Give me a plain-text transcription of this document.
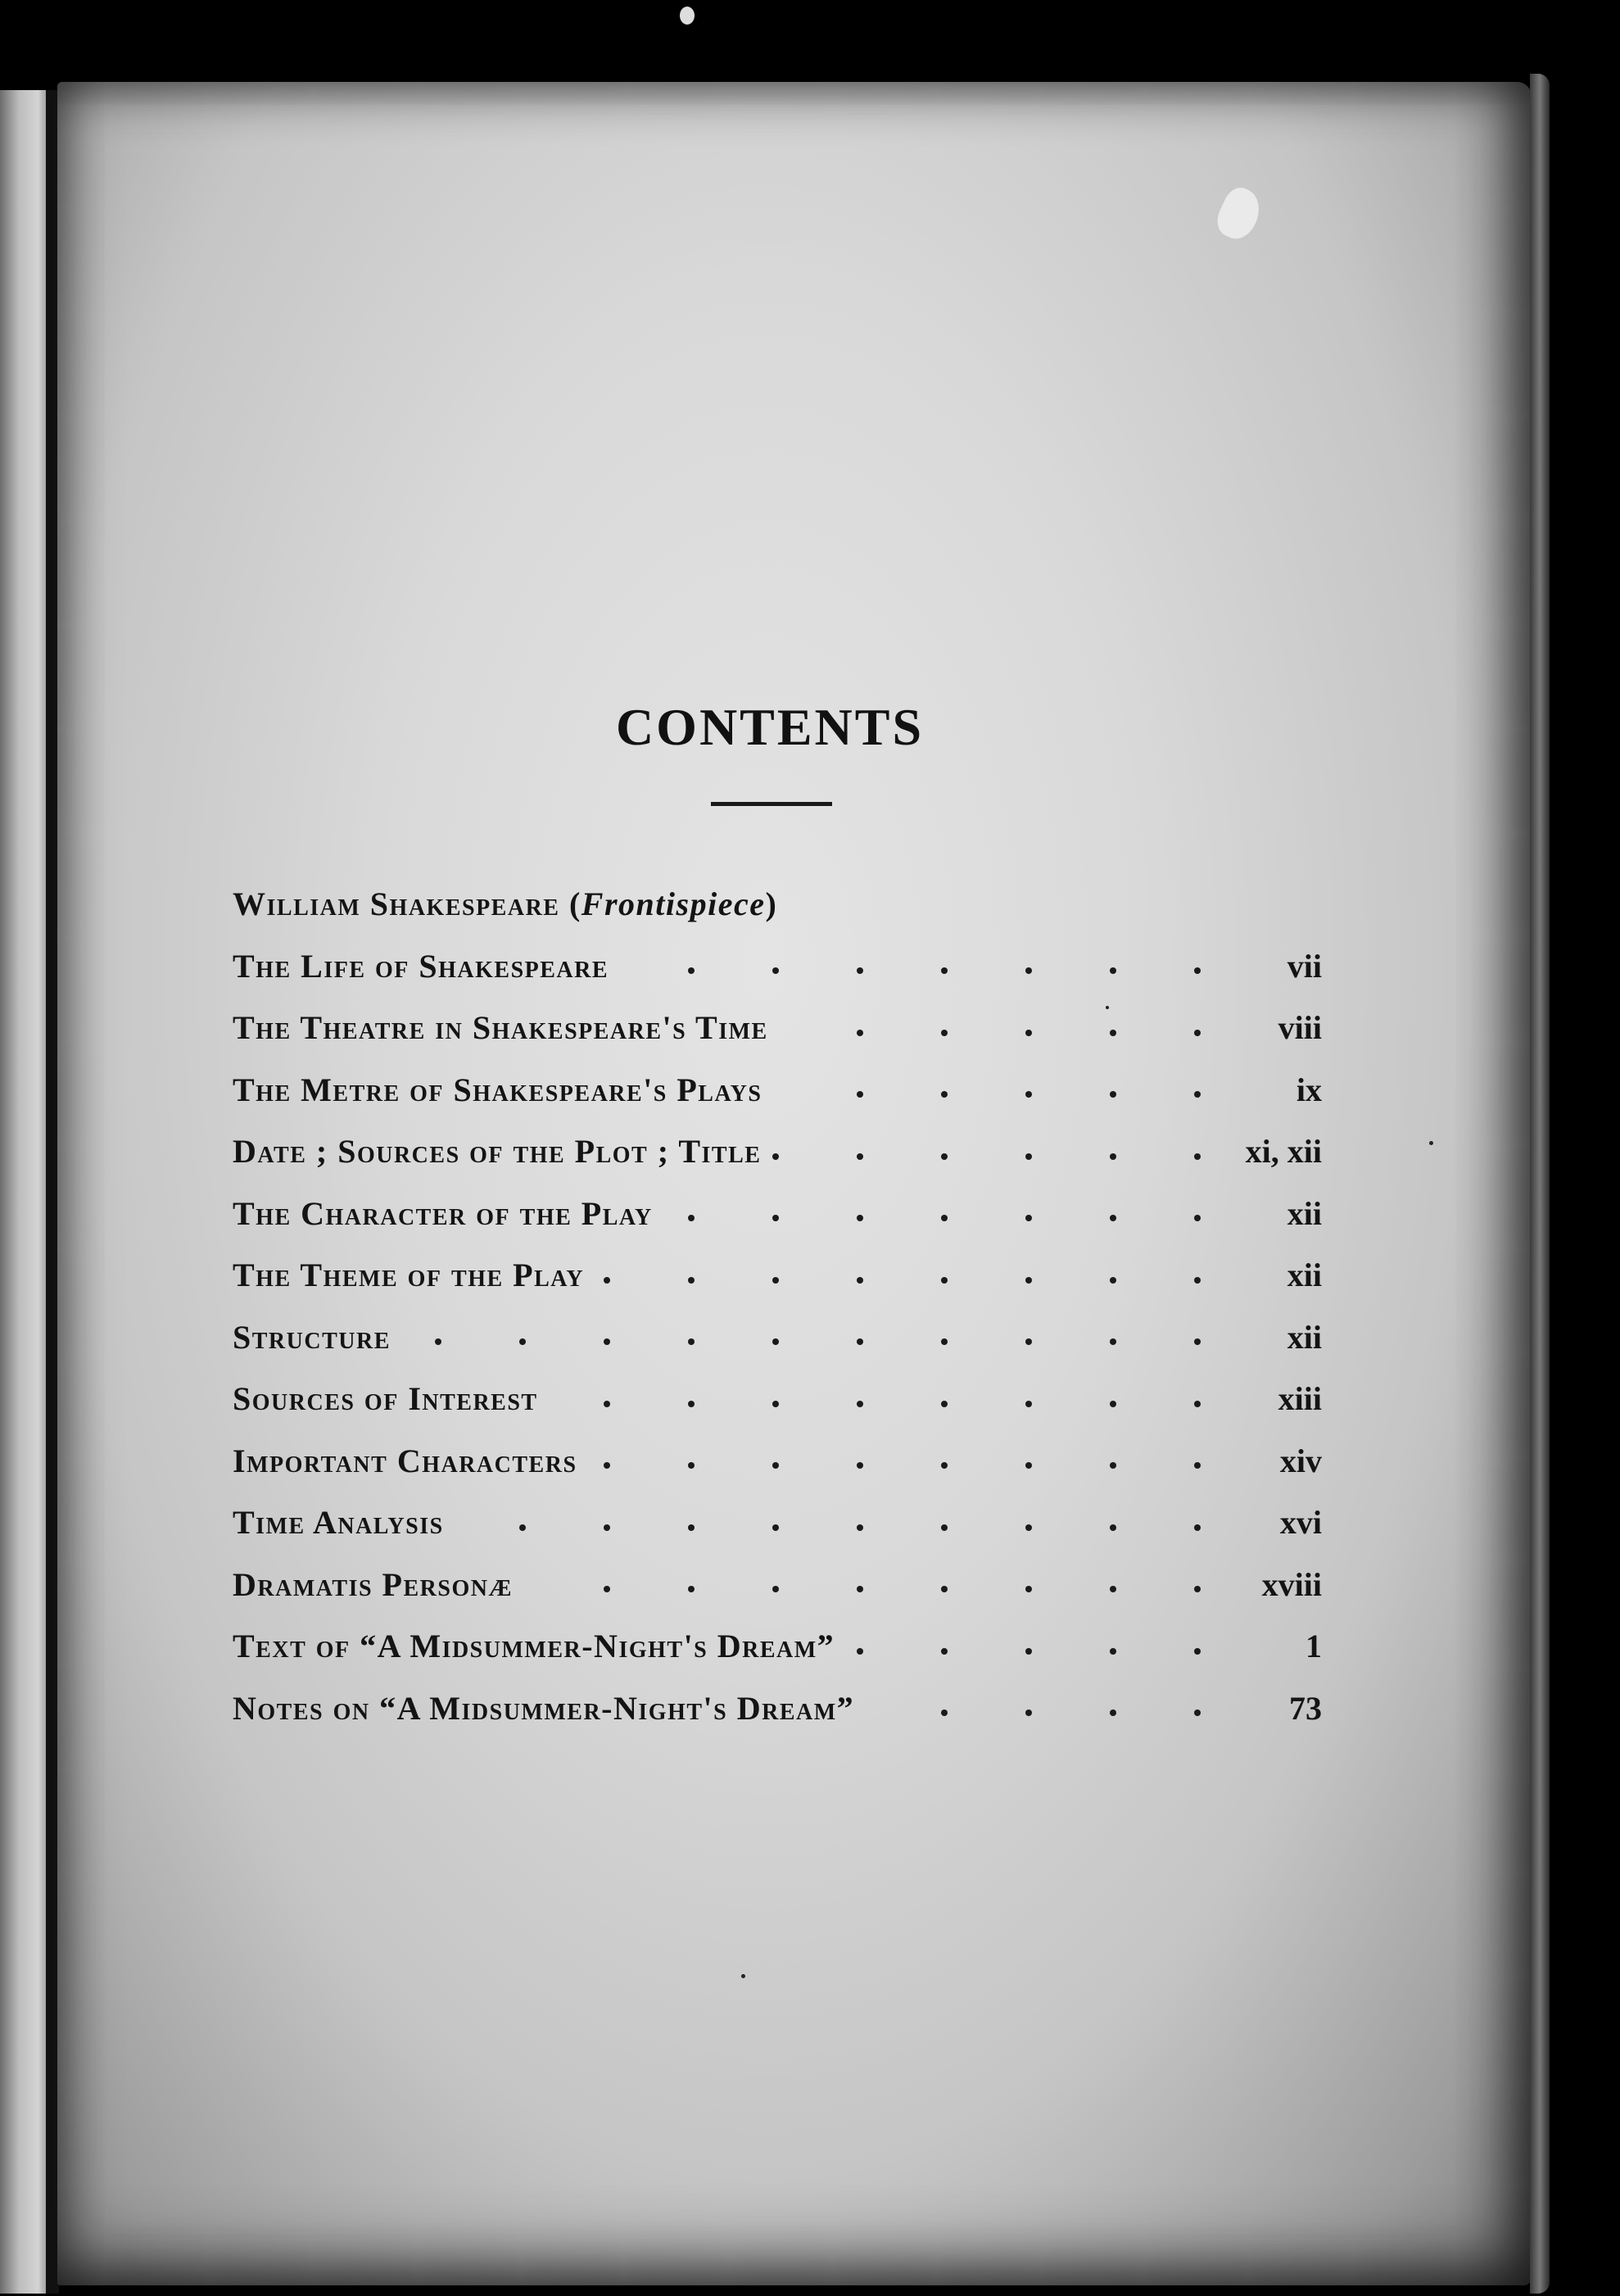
CONTENTS
William Shakespeare (Frontispiece)
The Life of Shakespeare	vii
The Theatre in Shakespeare's Time	viii
The Metre of Shakespeare's Plays	ix
Date ; Sources of the Plot ; Title	xi, xii
The Character of the Play	xii
The Theme of the Play	xii
Structure	xii
Sources of Interest	xiii
Important Characters	xiv
Time Analysis	xvi
Dramatis Personæ	xviii
Text of “A Midsummer-Night's Dream”	1
Notes on “A Midsummer-Night's Dream”	73
